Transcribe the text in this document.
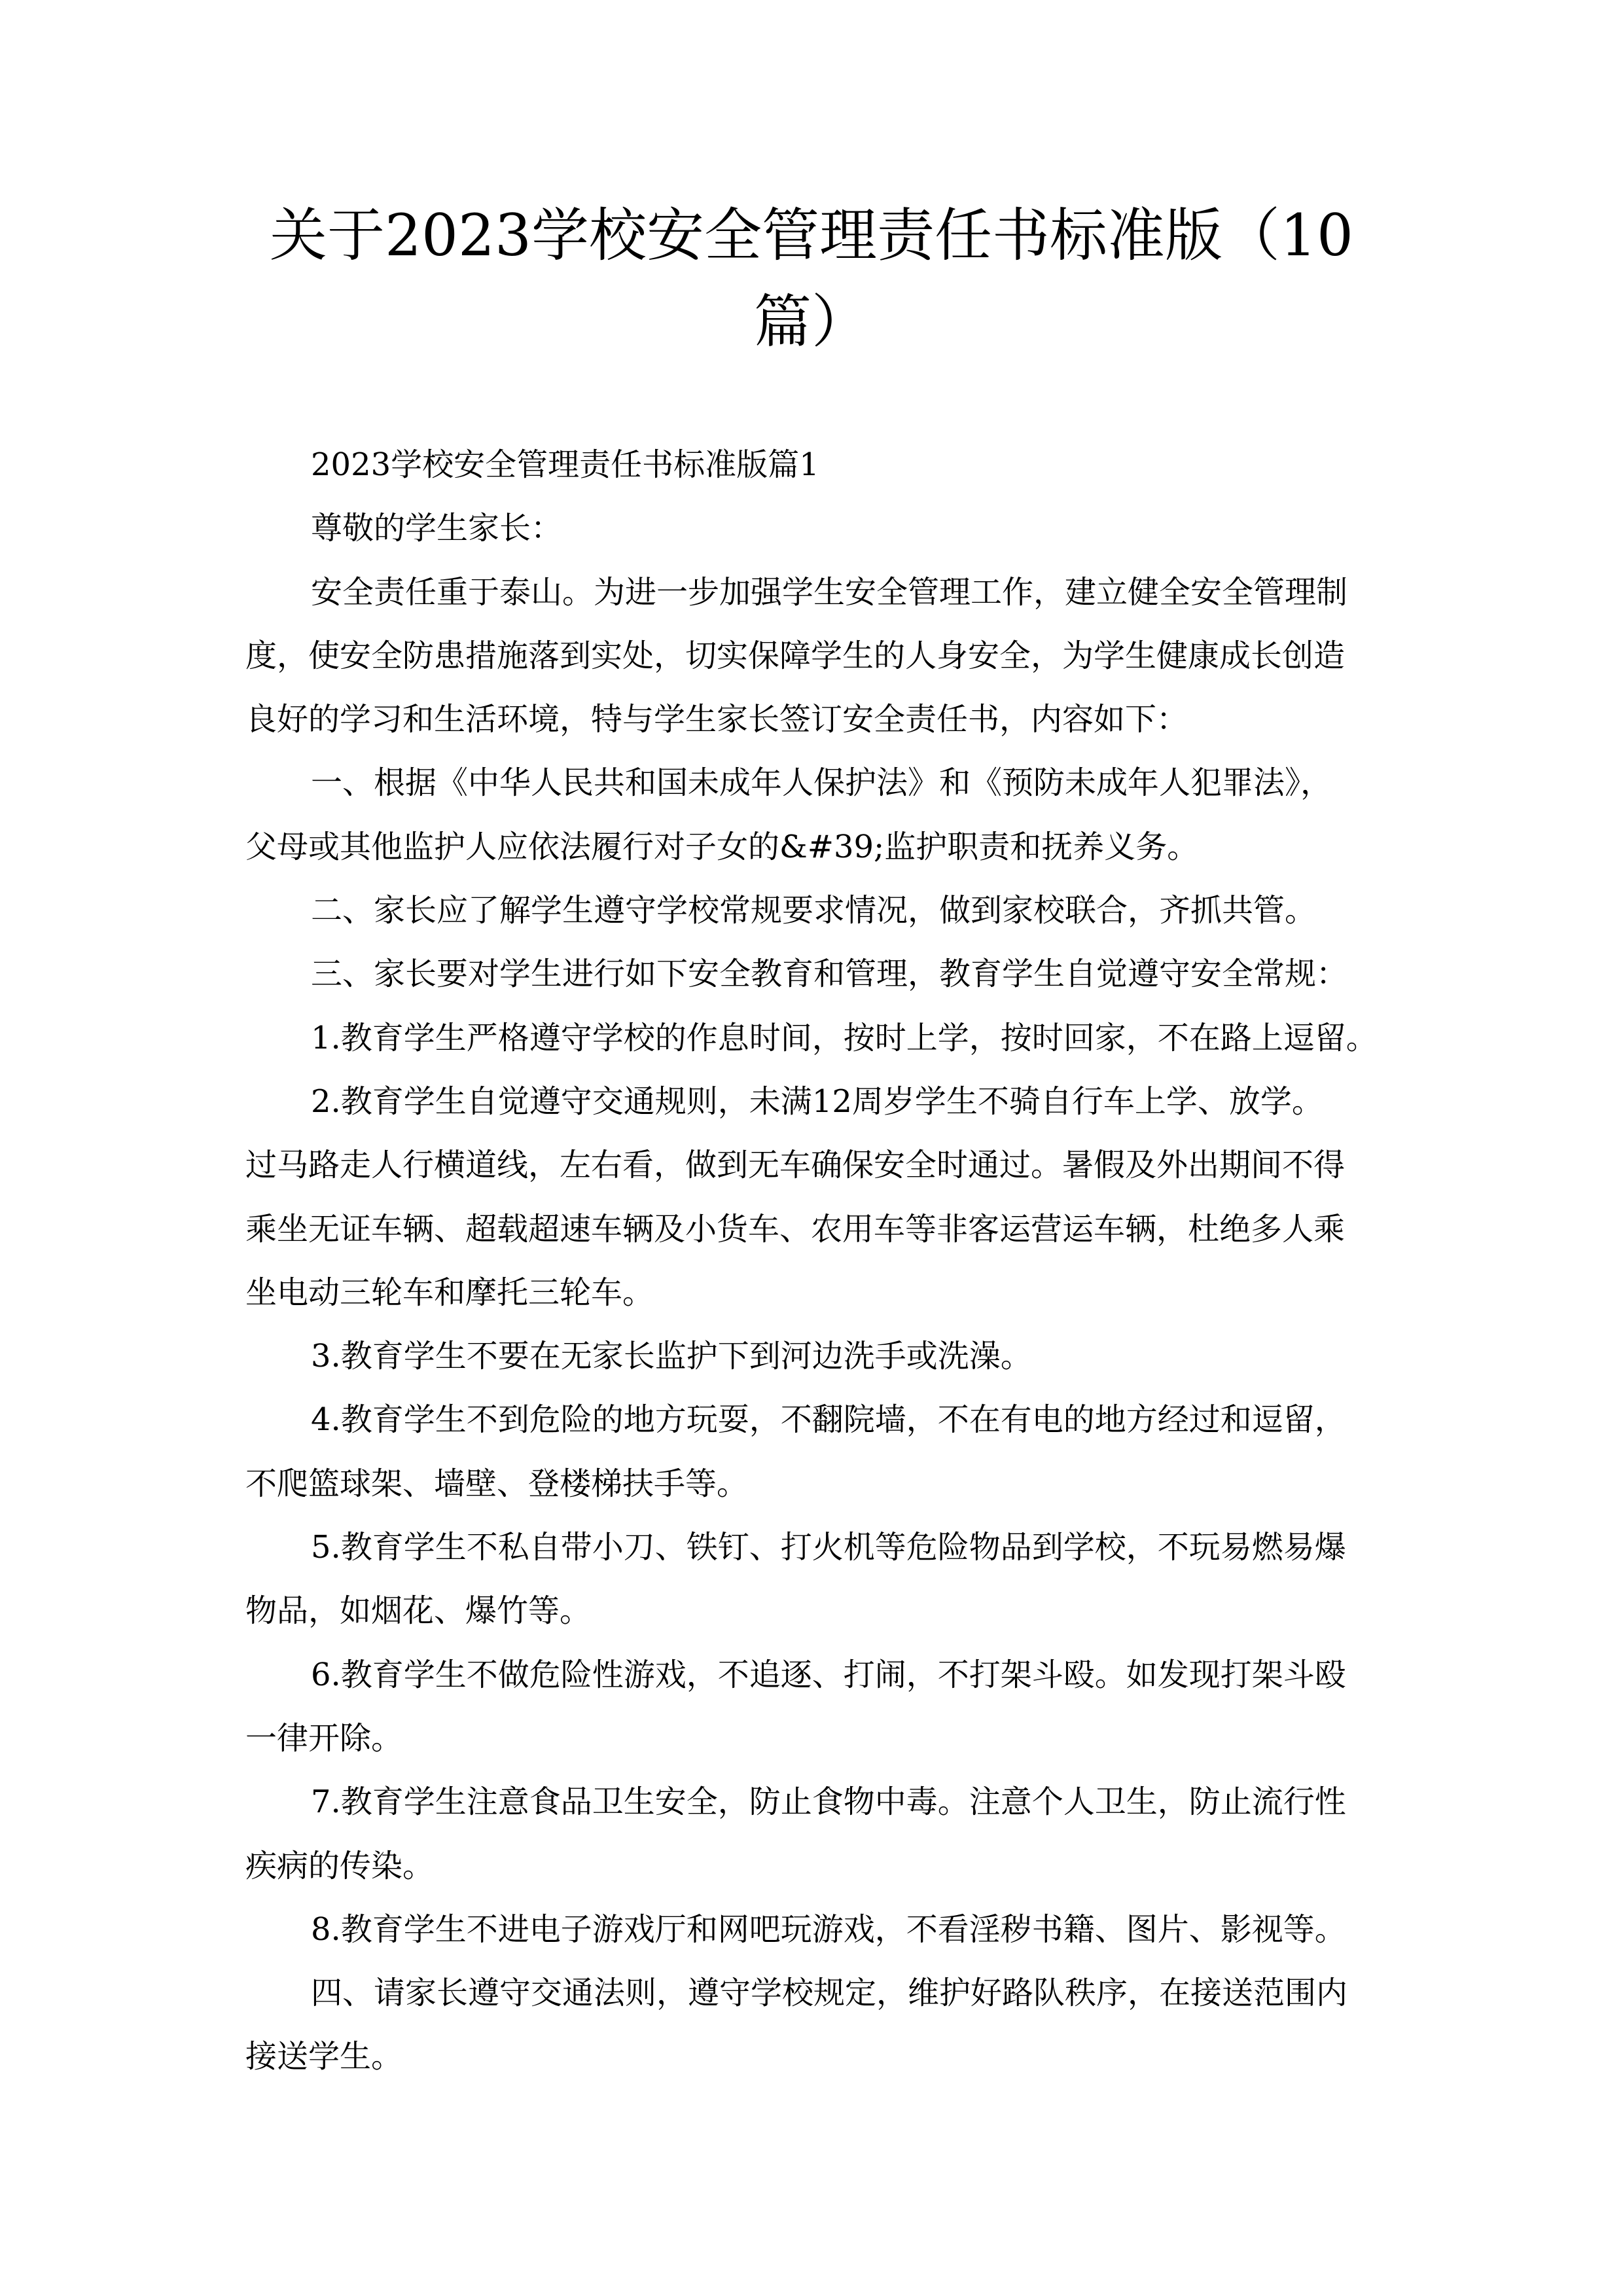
关于2023学校安全管理责任书标准版（10
篇）
2023学校安全管理责任书标准版篇1
尊敬的学生家长：
安全责任重于泰山。为进一步加强学生安全管理工作，建立健全安全管理制
度，使安全防患措施落到实处，切实保障学生的人身安全，为学生健康成长创造
良好的学习和生活环境，特与学生家长签订安全责任书，内容如下：
一、根据《中华人民共和国未成年人保护法》和《预防未成年人犯罪法》，
父母或其他监护人应依法履行对子女的&#39;监护职责和抚养义务。
二、家长应了解学生遵守学校常规要求情况，做到家校联合，齐抓共管。
三、家长要对学生进行如下安全教育和管理，教育学生自觉遵守安全常规：
1.教育学生严格遵守学校的作息时间，按时上学，按时回家，不在路上逗留。
2.教育学生自觉遵守交通规则，未满12周岁学生不骑自行车上学、放学。
过马路走人行横道线，左右看，做到无车确保安全时通过。暑假及外出期间不得
乘坐无证车辆、超载超速车辆及小货车、农用车等非客运营运车辆，杜绝多人乘
坐电动三轮车和摩托三轮车。
3.教育学生不要在无家长监护下到河边洗手或洗澡。
4.教育学生不到危险的地方玩耍，不翻院墙，不在有电的地方经过和逗留，
不爬篮球架、墙壁、登楼梯扶手等。
5.教育学生不私自带小刀、铁钉、打火机等危险物品到学校，不玩易燃易爆
物品，如烟花、爆竹等。
6.教育学生不做危险性游戏，不追逐、打闹，不打架斗殴。如发现打架斗殴
一律开除。
7.教育学生注意食品卫生安全，防止食物中毒。注意个人卫生，防止流行性
疾病的传染。
8.教育学生不进电子游戏厅和网吧玩游戏，不看淫秽书籍、图片、影视等。
四、请家长遵守交通法则，遵守学校规定，维护好路队秩序，在接送范围内
接送学生。
